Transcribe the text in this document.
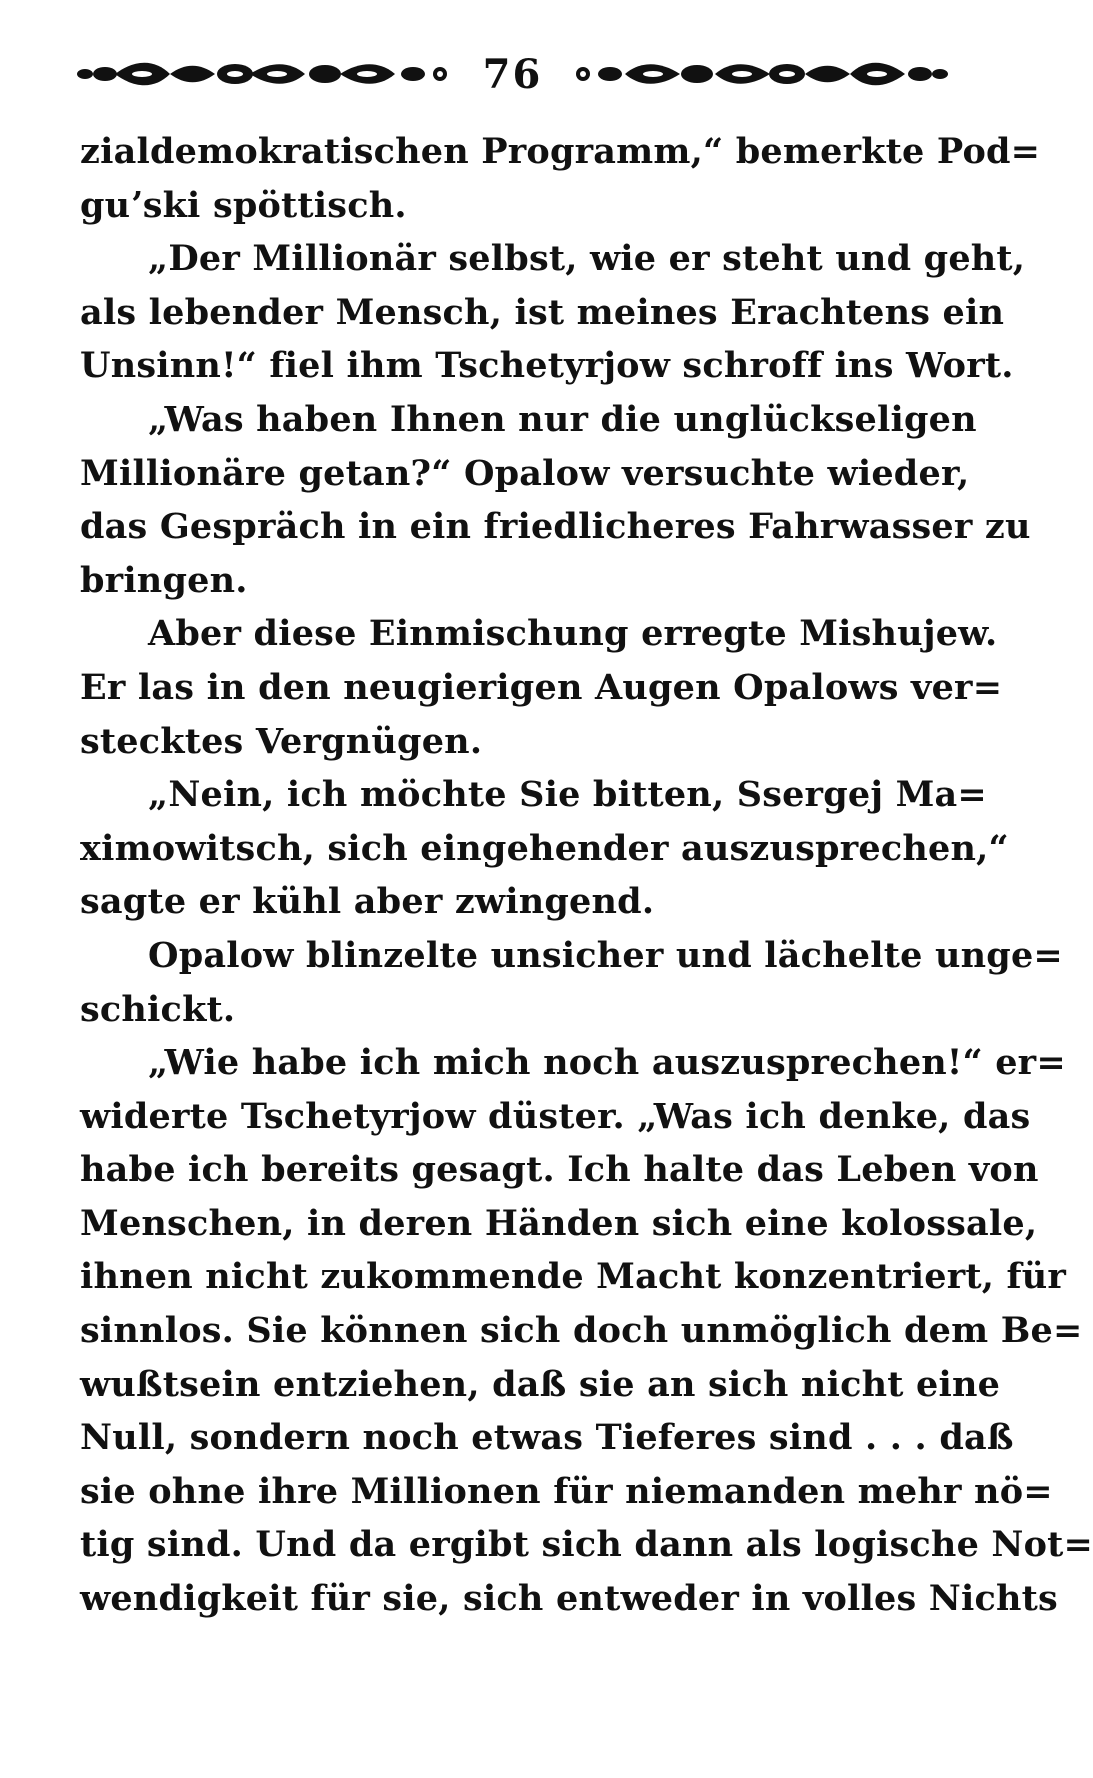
76
zialdemokratischen Programm,“ bemerkte Pod=
guʼski spöttisch.
„Der Millionär selbst, wie er steht und geht,
als lebender Mensch, ist meines Erachtens ein
Unsinn!“ fiel ihm Tschetyrjow schroff ins Wort.
„Was haben Ihnen nur die unglückseligen
Millionäre getan?“ Opalow versuchte wieder,
das Gespräch in ein friedlicheres Fahrwasser zu
bringen.
Aber diese Einmischung erregte Mishujew.
Er las in den neugierigen Augen Opalows ver=
stecktes Vergnügen.
„Nein, ich möchte Sie bitten, Ssergej Ma=
ximowitsch, sich eingehender auszusprechen,“
sagte er kühl aber zwingend.
Opalow blinzelte unsicher und lächelte unge=
schickt.
„Wie habe ich mich noch auszusprechen!“ er=
widerte Tschetyrjow düster. „Was ich denke, das
habe ich bereits gesagt. Ich halte das Leben von
Menschen, in deren Händen sich eine kolossale,
ihnen nicht zukommende Macht konzentriert, für
sinnlos. Sie können sich doch unmöglich dem Be=
wußtsein entziehen, daß sie an sich nicht eine
Null, sondern noch etwas Tieferes sind . . . daß
sie ohne ihre Millionen für niemanden mehr nö=
tig sind. Und da ergibt sich dann als logische Not=
wendigkeit für sie, sich entweder in volles Nichts
